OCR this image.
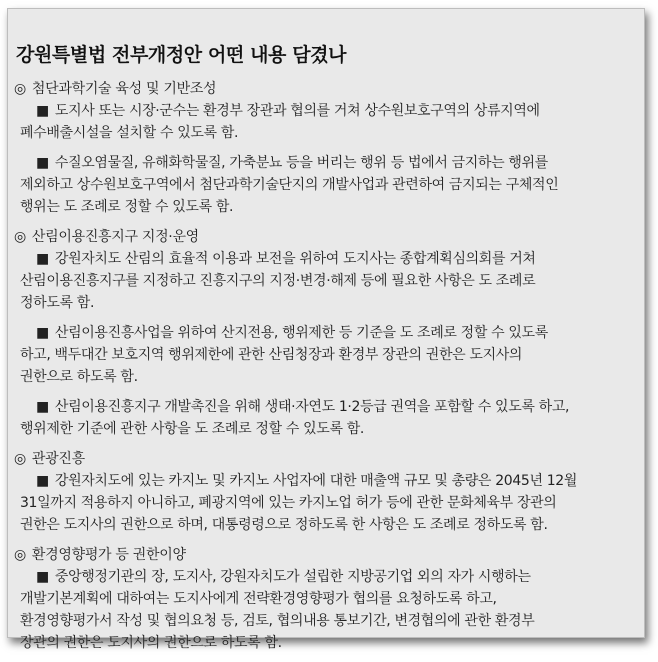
강원특별법 전부개정안 어떤 내용 담겼나
◎ 첨단과학기술 육성 및 기반조성
■ 도지사 또는 시장·군수는 환경부 장관과 협의를 거쳐 상수원보호구역의 상류지역에
폐수배출시설을 설치할 수 있도록 함.
■ 수질오염물질, 유해화학물질, 가축분뇨 등을 버리는 행위 등 법에서 금지하는 행위를
제외하고 상수원보호구역에서 첨단과학기술단지의 개발사업과 관련하여 금지되는 구체적인
행위는 도 조례로 정할 수 있도록 함.
◎ 산림이용진흥지구 지정·운영
■ 강원자치도 산림의 효율적 이용과 보전을 위하여 도지사는 종합계획심의회를 거쳐
산림이용진흥지구를 지정하고 진흥지구의 지정·변경·해제 등에 필요한 사항은 도 조례로
정하도록 함.
■ 산림이용진흥사업을 위하여 산지전용, 행위제한 등 기준을 도 조례로 정할 수 있도록
하고, 백두대간 보호지역 행위제한에 관한 산림청장과 환경부 장관의 권한은 도지사의
권한으로 하도록 함.
■ 산림이용진흥지구 개발촉진을 위해 생태·자연도 1·2등급 권역을 포함할 수 있도록 하고,
행위제한 기준에 관한 사항을 도 조례로 정할 수 있도록 함.
◎ 관광진흥
■ 강원자치도에 있는 카지노 및 카지노 사업자에 대한 매출액 규모 및 총량은 2045년 12월
31일까지 적용하지 아니하고, 폐광지역에 있는 카지노업 허가 등에 관한 문화체육부 장관의
권한은 도지사의 권한으로 하며, 대통령령으로 정하도록 한 사항은 도 조례로 정하도록 함.
◎ 환경영향평가 등 권한이양
■ 중앙행정기관의 장, 도지사, 강원자치도가 설립한 지방공기업 외의 자가 시행하는
개발기본계획에 대하여는 도지사에게 전략환경영향평가 협의를 요청하도록 하고,
환경영향평가서 작성 및 협의요청 등, 검토, 협의내용 통보기간, 변경협의에 관한 환경부
장관의 권한은 도지사의 권한으로 하도록 함.
